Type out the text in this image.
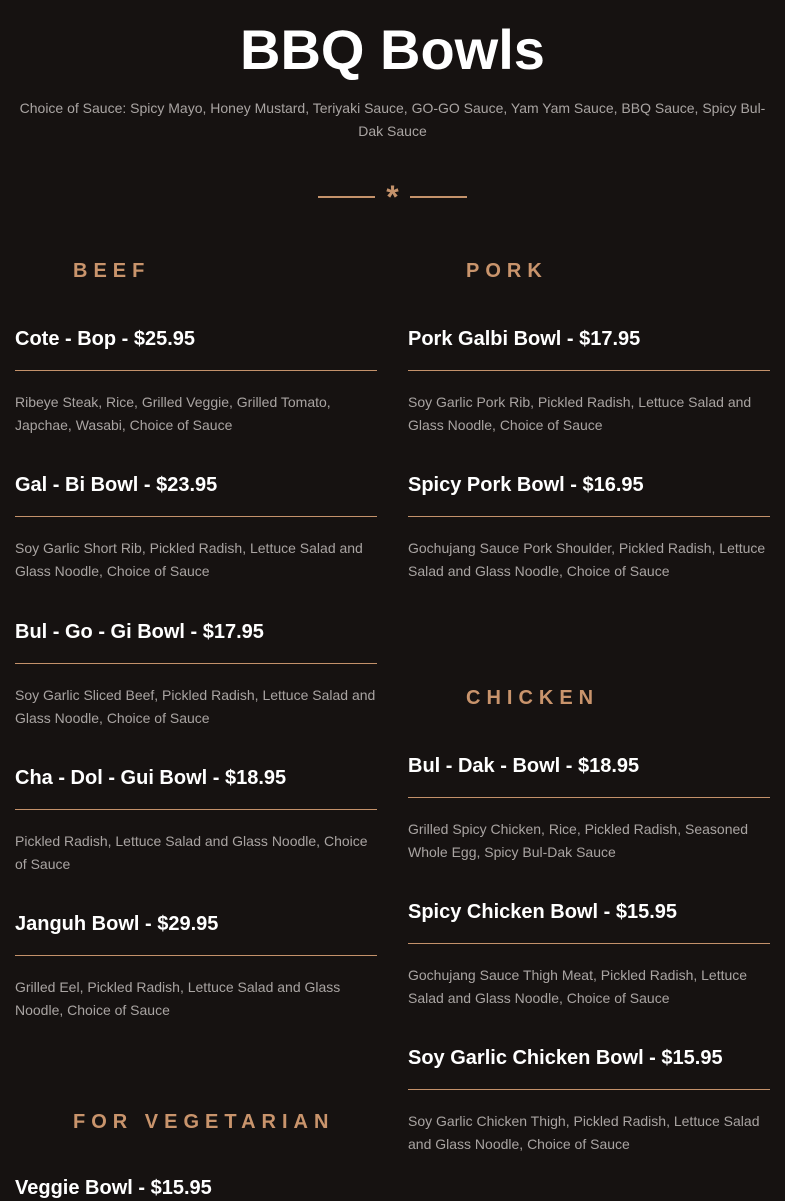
BBQ Bowls

Choice of Sauce: Spicy Mayo, Honey Mustard, Teriyaki Sauce, GO-GO Sauce, Yam Yam Sauce, BBQ Sauce, Spicy Bul-Dak Sauce

*
BEEF
Cote - Bop - $25.95

Ribeye Steak, Rice, Grilled Veggie, Grilled Tomato, Japchae, Wasabi, Choice of Sauce

Gal - Bi Bowl - $23.95

Soy Garlic Short Rib, Pickled Radish, Lettuce Salad and Glass Noodle, Choice of Sauce

Bul - Go - Gi Bowl - $17.95

Soy Garlic Sliced Beef, Pickled Radish, Lettuce Salad and Glass Noodle, Choice of Sauce

Cha - Dol - Gui Bowl - $18.95

Pickled Radish, Lettuce Salad and Glass Noodle, Choice of Sauce

Janguh Bowl - $29.95

Grilled Eel, Pickled Radish, Lettuce Salad and Glass Noodle, Choice of Sauce

FOR VEGETARIAN
Veggie Bowl - $15.95
PORK
Pork Galbi Bowl - $17.95

Soy Garlic Pork Rib, Pickled Radish, Lettuce Salad and Glass Noodle, Choice of Sauce

Spicy Pork Bowl - $16.95

Gochujang Sauce Pork Shoulder, Pickled Radish, Lettuce Salad and Glass Noodle, Choice of Sauce

CHICKEN
Bul - Dak - Bowl - $18.95

Grilled Spicy Chicken, Rice, Pickled Radish, Seasoned Whole Egg, Spicy Bul-Dak Sauce

Spicy Chicken Bowl - $15.95

Gochujang Sauce Thigh Meat, Pickled Radish, Lettuce Salad and Glass Noodle, Choice of Sauce

Soy Garlic Chicken Bowl - $15.95

Soy Garlic Chicken Thigh, Pickled Radish, Lettuce Salad and Glass Noodle, Choice of Sauce
